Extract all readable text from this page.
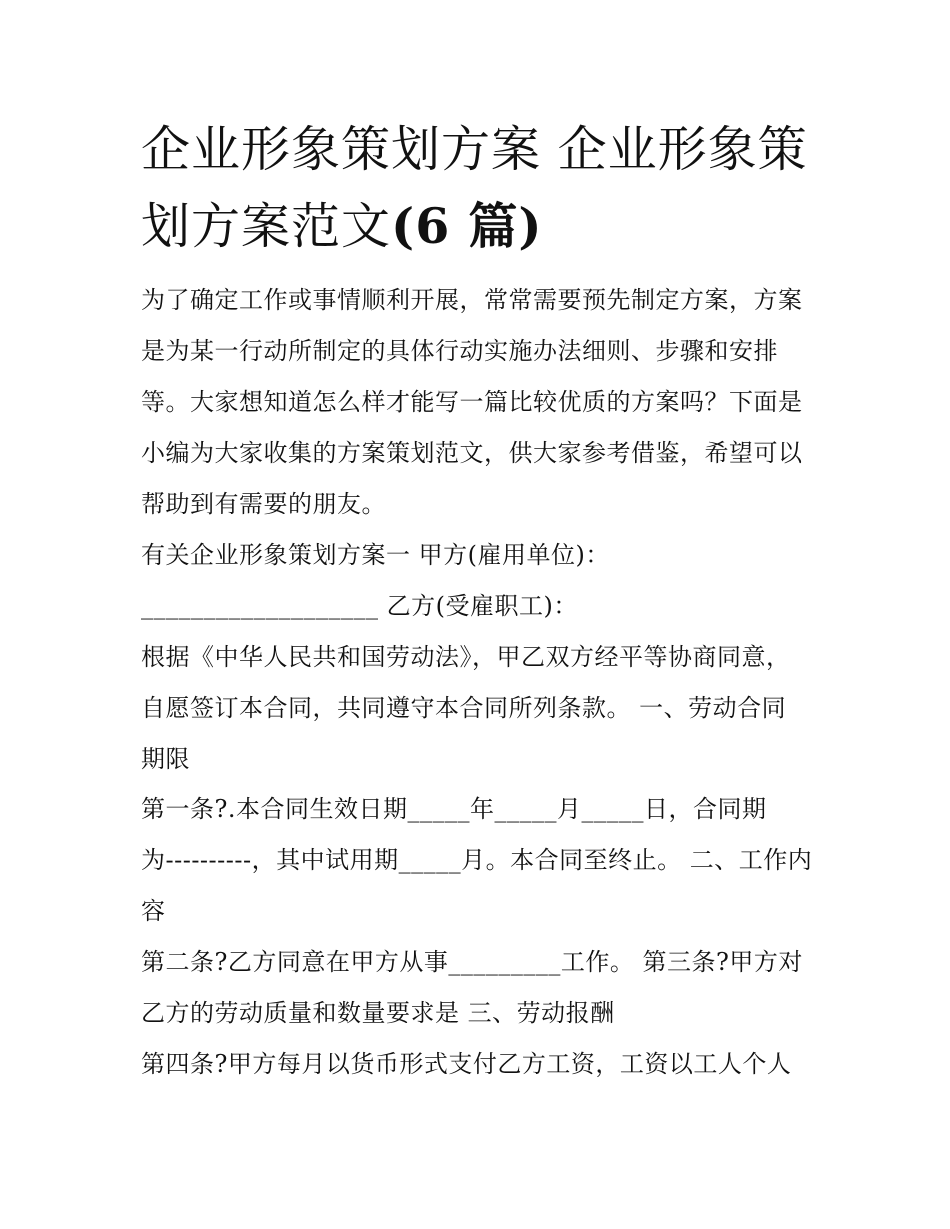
企业形象策划方案 企业形象策
划方案范文(6 篇)

为了确定工作或事情顺利开展，常常需要预先制定方案，方案

是为某一行动所制定的具体行动实施办法细则、步骤和安排

等。大家想知道怎么样才能写一篇比较优质的方案吗？下面是

小编为大家收集的方案策划范文，供大家参考借鉴，希望可以

帮助到有需要的朋友。

有关企业形象策划方案一 甲方(雇用单位)：

___________________ 乙方(受雇职工)：

根据《中华人民共和国劳动法》，甲乙双方经平等协商同意，

自愿签订本合同，共同遵守本合同所列条款。 一、劳动合同

期限

第一条?.本合同生效日期_____年_____月_____日，合同期

为----------，其中试用期_____月。本合同至终止。 二、工作内

容

第二条?乙方同意在甲方从事_________工作。 第三条?甲方对

乙方的劳动质量和数量要求是 三、劳动报酬

第四条?甲方每月以货币形式支付乙方工资，工资以工人个人
